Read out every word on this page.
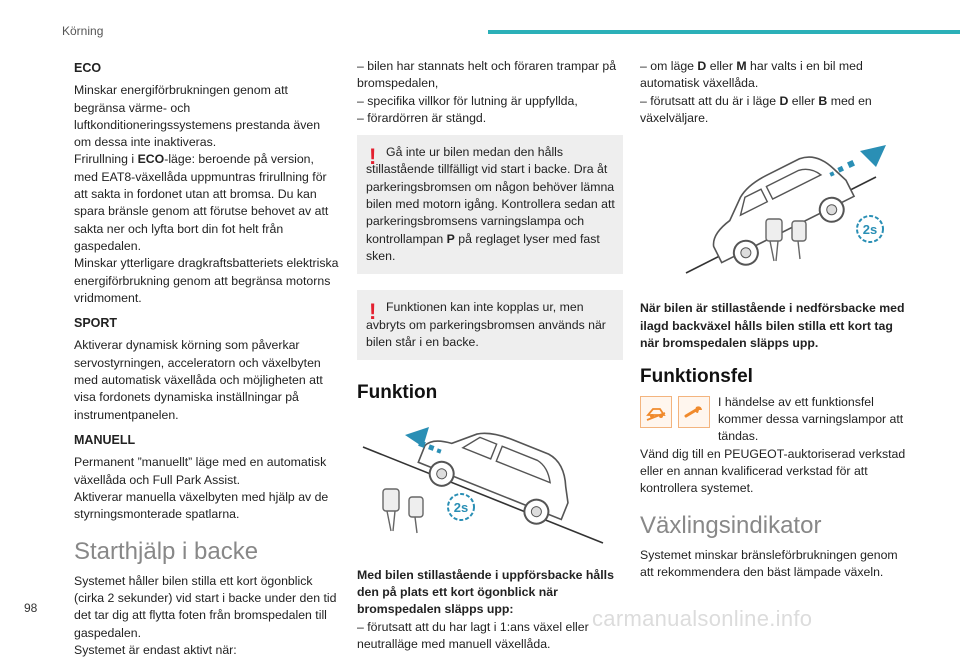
Körning
ECO

Minskar energiförbrukningen genom att begränsa värme- och luftkonditioneringssystemens prestanda även om dessa inte inaktiveras.

Frirullning i ECO-läge: beroende på version, med EAT8-växellåda uppmuntras frirullning för att sakta in fordonet utan att bromsa. Du kan spara bränsle genom att förutse behovet av att sakta ner och lyfta bort din fot helt från gaspedalen.

Minskar ytterligare dragkraftsbatteriets elektriska energiförbrukning genom att begränsa motorns vridmoment.

SPORT

Aktiverar dynamisk körning som påverkar servostyrningen, acceleratorn och växelbyten med automatisk växellåda och möjligheten att visa fordonets dynamiska inställningar på instrumentpanelen.

MANUELL

Permanent ”manuellt” läge med en automatisk växellåda och Full Park Assist.

Aktiverar manuella växelbyten med hjälp av de styrningsmonterade spatlarna.

Starthjälp i backe

Systemet håller bilen stilla ett kort ögonblick (cirka 2 sekunder) vid start i backe under den tid det tar dig att flytta foten från bromspedalen till gaspedalen.

Systemet är endast aktivt när:

– bilen har stannats helt och föraren trampar på bromspedalen,
– specifika villkor för lutning är uppfyllda,
– förardörren är stängd.
! Gå inte ur bilen medan den hålls stillastående tillfälligt vid start i backe. Dra åt parkeringsbromsen om någon behöver lämna bilen med motorn igång. Kontrollera sedan att parkeringsbromsens varningslampa och kontrollampan P på reglaget lyser med fast sken.
! Funktionen kan inte kopplas ur, men avbryts om parkeringsbromsen används när bilen står i en backe.
Funktion
2s
Med bilen stillastående i uppförsbacke hålls den på plats ett kort ögonblick när bromspedalen släpps upp:
– förutsatt att du har lagt i 1:ans växel eller neutralläge med manuell växellåda.
– om läge D eller M har valts i en bil med automatisk växellåda.
– förutsatt att du är i läge D eller B med en växelväljare.
2s
När bilen är stillastående i nedförsbacke med ilagd backväxel hålls bilen stilla ett kort tag när bromspedalen släpps upp.
Funktionsfel
I händelse av ett funktionsfel kommer dessa varningslampor att tändas.
Vänd dig till en PEUGEOT-auktoriserad verkstad eller en annan kvalificerad verkstad för att kontrollera systemet.
Växlingsindikator

Systemet minskar bränsleförbrukningen genom att rekommendera den bäst lämpade växeln.

98	carmanualsonline.info
